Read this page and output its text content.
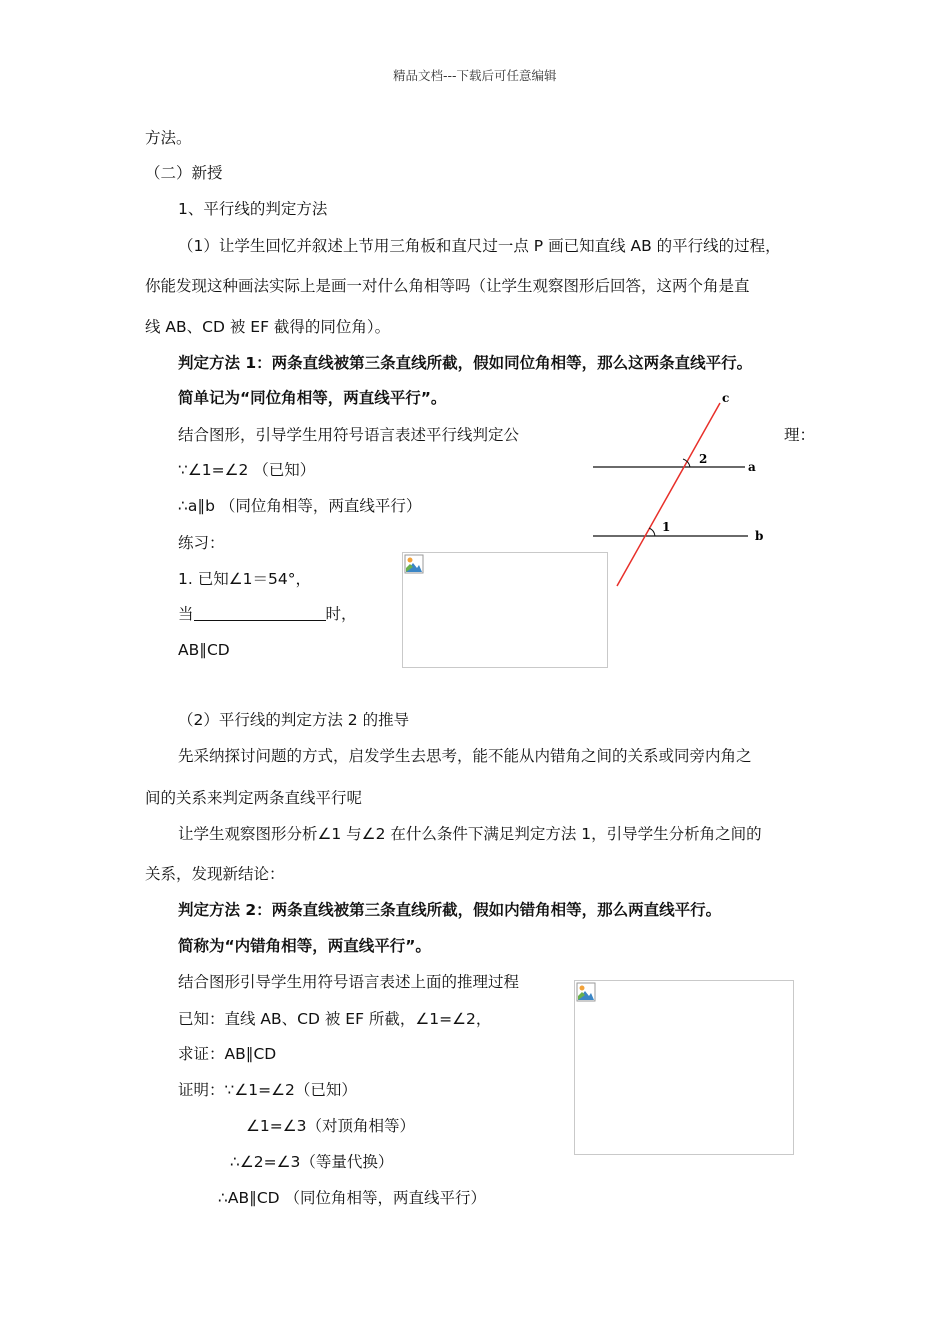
精品文档---下载后可任意编辑
方法。
（二）新授
1、平行线的判定方法
（1）让学生回忆并叙述上节用三角板和直尺过一点 P 画已知直线 AB 的平行线的过程，
你能发现这种画法实际上是画一对什么角相等吗（让学生观察图形后回答，这两个角是直
线 AB、CD 被 EF 截得的同位角）。
判定方法 1：两条直线被第三条直线所截，假如同位角相等，那么这两条直线平行。
简单记为“同位角相等，两直线平行”。
结合图形，引导学生用符号语言表述平行线判定公	理：
∵∠1=∠2 （已知）
∴a∥b （同位角相等，两直线平行）
练习：
1. 已知∠1＝54°，
当	时，
AB∥CD
（2）平行线的判定方法 2 的推导
先采纳探讨问题的方式，启发学生去思考，能不能从内错角之间的关系或同旁内角之
间的关系来判定两条直线平行呢
让学生观察图形分析∠1 与∠2 在什么条件下满足判定方法 1，引导学生分析角之间的
关系，发现新结论：
判定方法 2：两条直线被第三条直线所截，假如内错角相等，那么两直线平行。
简称为“内错角相等，两直线平行”。
结合图形引导学生用符号语言表述上面的推理过程
已知：直线 AB、CD 被 EF 所截，∠1=∠2，
求证：AB∥CD
证明：∵∠1=∠2（已知）
∠1=∠3（对顶角相等）
∴∠2=∠3（等量代换）
∴AB∥CD （同位角相等，两直线平行）
c
a
b
2
1
